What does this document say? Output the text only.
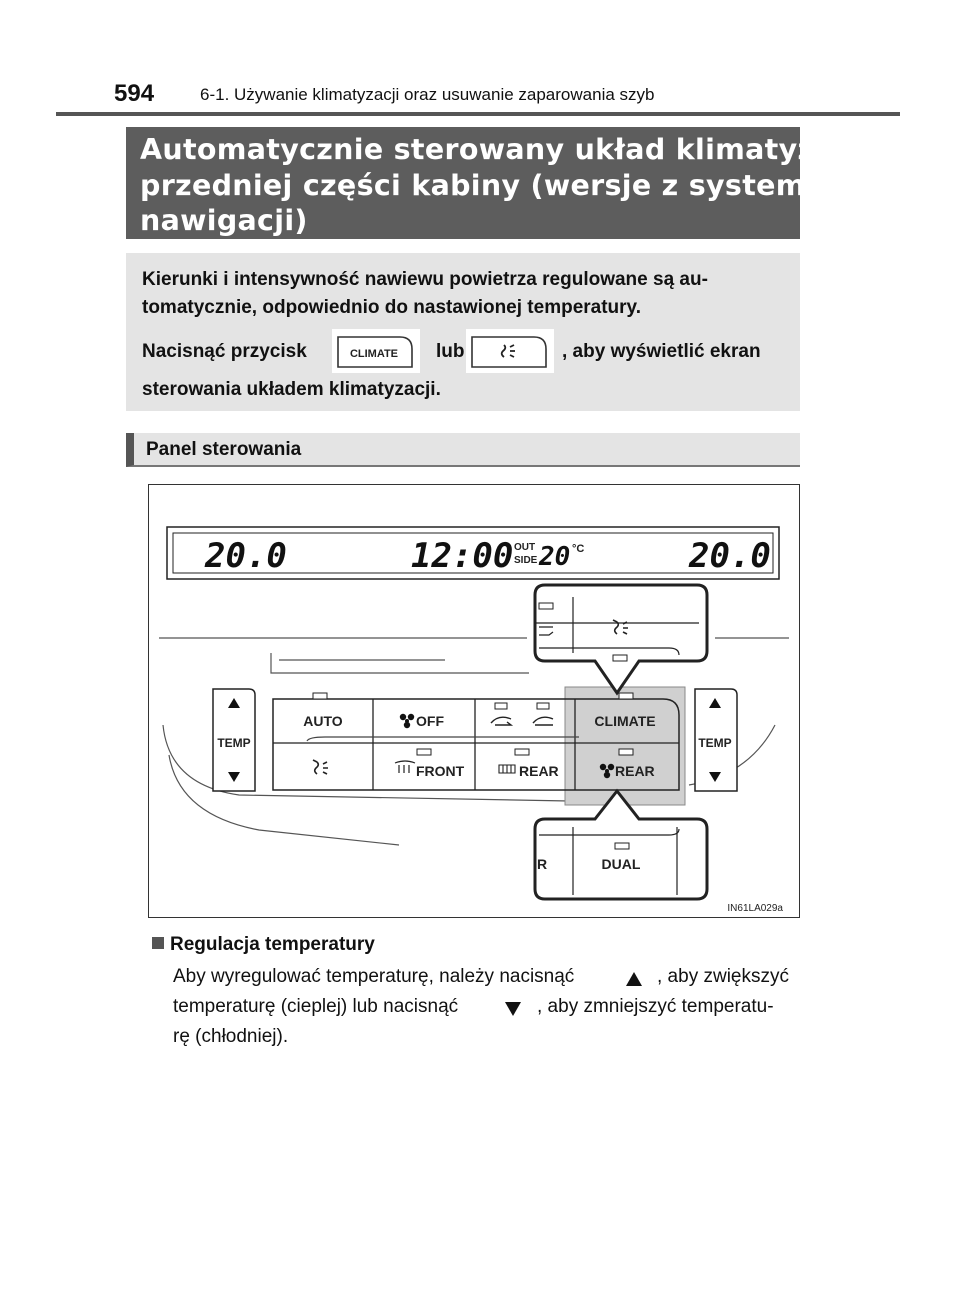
594	6-1. Używanie klimatyzacji oraz usuwanie zaparowania szyb
Automatycznie sterowany układ klimatyzacji
przedniej części kabiny (wersje z systemem
nawigacji)
Kierunki i intensywność nawiewu powietrza regulowane są au-
tomatycznie, odpowiednio do nastawionej temperatury.
Nacisnąć przycisk	CLIMATE lub	, aby wyświetlić ekran
sterowania układem klimatyzacji.
Panel sterowania
20.0	12:00 OUT
SIDE 20 °C	20.0
TEMP	TEMP
AUTO	OFF	CLIMATE
FRONT	REAR	REAR
R	DUAL
IN61LA029a
Regulacja temperatury
Aby wyregulować temperaturę, należy nacisnąć	, aby zwiększyć
temperaturę (cieplej) lub nacisnąć	, aby zmniejszyć temperatu-
rę (chłodniej).
